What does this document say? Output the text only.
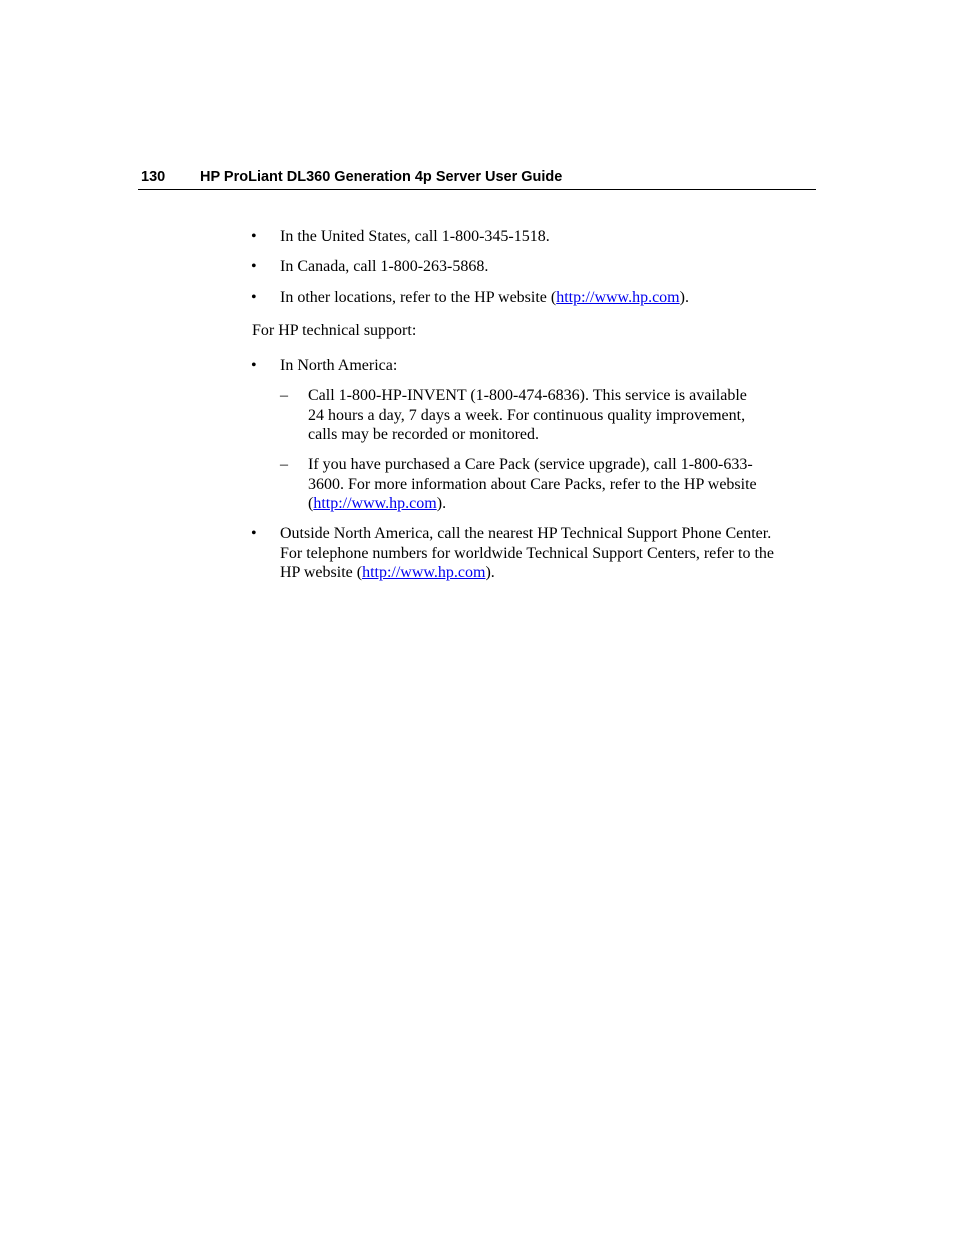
130 HP ProLiant DL360 Generation 4p Server User Guide
• In the United States, call 1-800-345-1518.
• In Canada, call 1-800-263-5868.
• In other locations, refer to the HP website (http://www.hp.com).
For HP technical support:
• In North America:
– Call 1-800-HP-INVENT (1-800-474-6836). This service is available
24 hours a day, 7 days a week. For continuous quality improvement,
calls may be recorded or monitored.
– If you have purchased a Care Pack (service upgrade), call 1-800-633-
3600. For more information about Care Packs, refer to the HP website
(http://www.hp.com).
• Outside North America, call the nearest HP Technical Support Phone Center.
For telephone numbers for worldwide Technical Support Centers, refer to the
HP website (http://www.hp.com).
